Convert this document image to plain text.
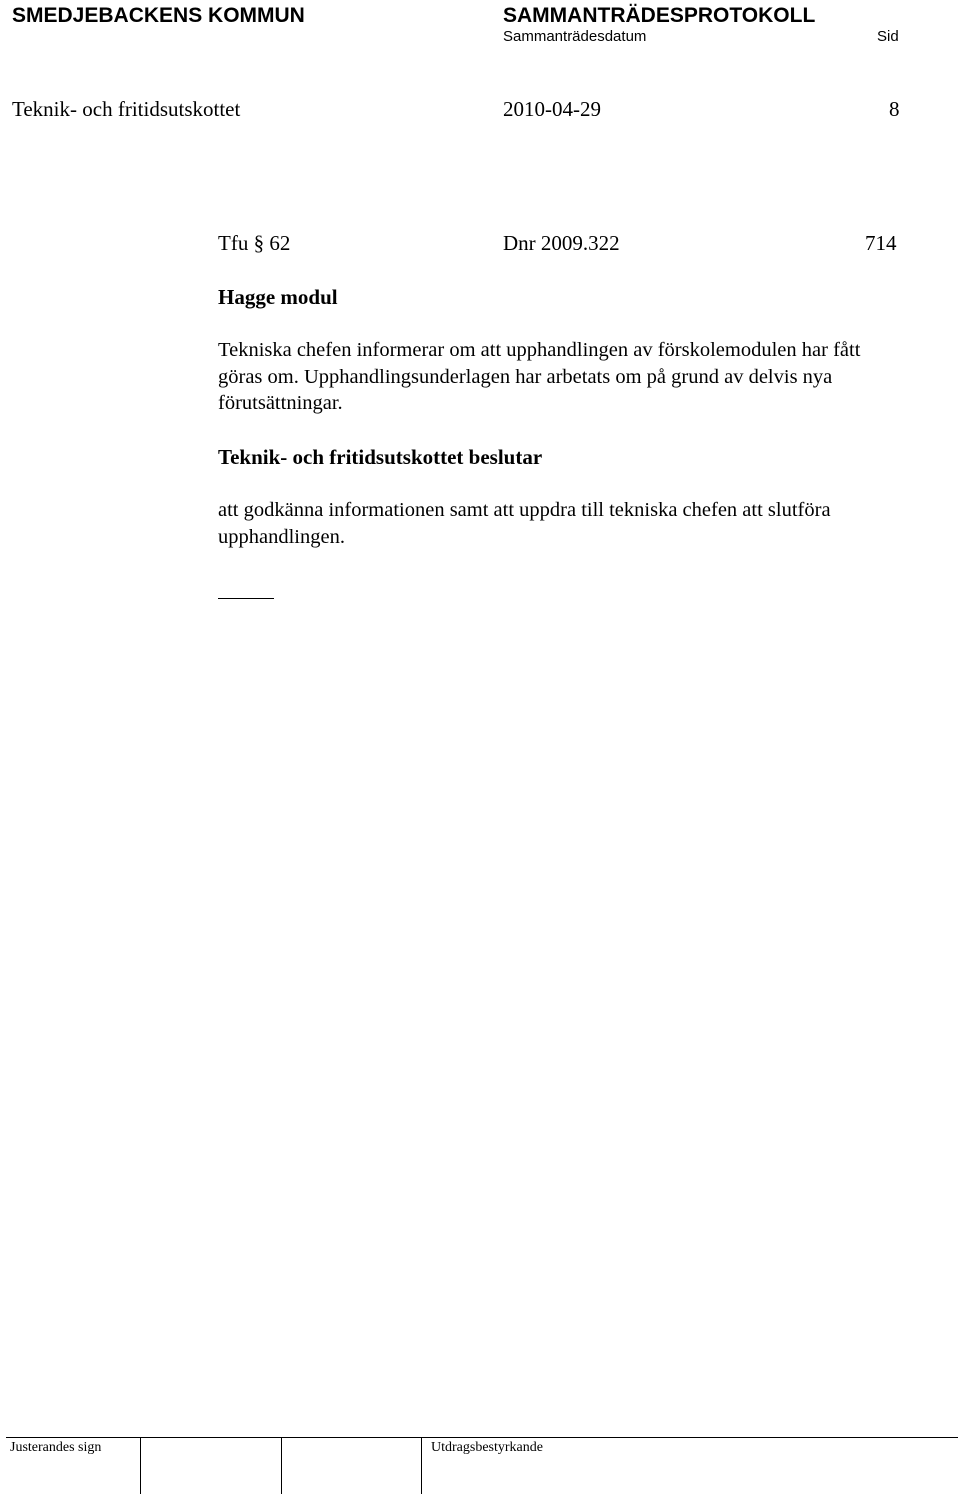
SMEDJEBACKENS KOMMUN	SAMMANTRÄDESPROTOKOLL
Sammanträdesdatum	Sid
Teknik- och fritidsutskottet	2010-04-29	8
Tfu § 62	Dnr 2009.322	714
Hagge modul
Tekniska chefen informerar om att upphandlingen av förskolemodulen har fått göras om. Upphandlingsunderlagen har arbetats om på grund av delvis nya förutsättningar.
Teknik- och fritidsutskottet beslutar
att godkänna informationen samt att uppdra till tekniska chefen att slutföra upphandlingen.
Justerandes sign	Utdragsbestyrkande
